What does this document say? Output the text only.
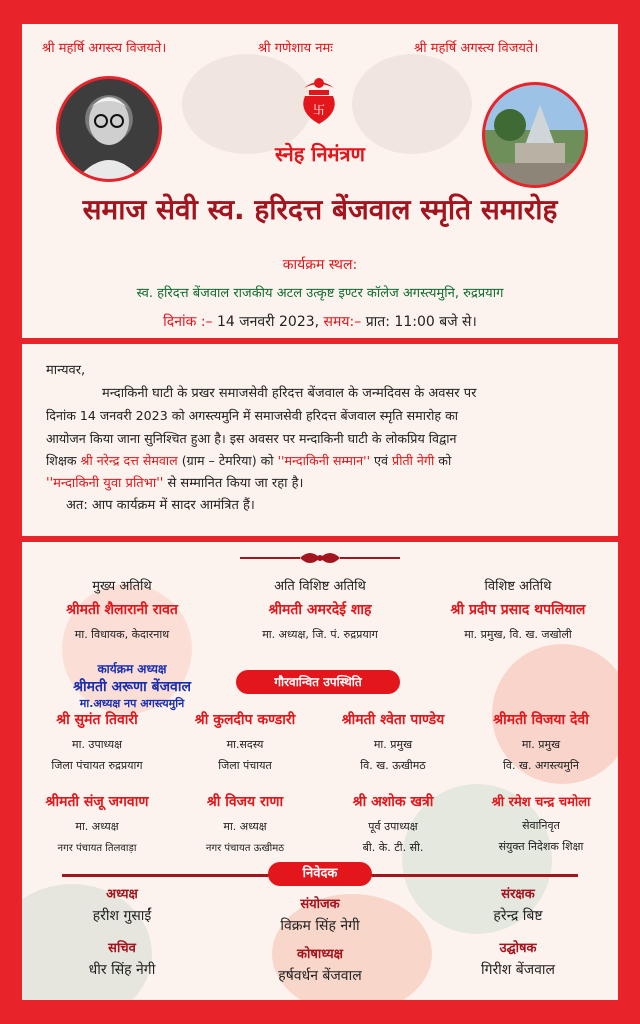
श्री महर्षि अगस्त्य विजयते।	श्री गणेशाय नमः	श्री महर्षि अगस्त्य विजयते।
卐
स्नेह निमंत्रण
समाज सेवी स्व. हरिदत्त बेंजवाल स्मृति समारोह
कार्यक्रम स्थल:
स्व. हरिदत्त बेंजवाल राजकीय अटल उत्कृष्ट इण्टर कॉलेज अगस्त्यमुनि, रुद्रप्रयाग
दिनांक :– 14 जनवरी 2023, समय:– प्रात: 11:00 बजे से।

मान्यवर,

मन्दाकिनी घाटी के प्रखर समाजसेवी हरिदत्त बेंजवाल के जन्मदिवस के अवसर पर

दिनांक 14 जनवरी 2023 को अगस्त्यमुनि में समाजसेवी हरिदत्त बेंजवाल स्मृति समारोह का

आयोजन किया जाना सुनिश्चित हुआ है। इस अवसर पर मन्दाकिनी घाटी के लोकप्रिय विद्वान

शिक्षक श्री नरेन्द्र दत्त सेमवाल (ग्राम – टेमरिया) को ''मन्दाकिनी सम्मान'' एवं प्रीती नेगी को

''मन्दाकिनी युवा प्रतिभा'' से सम्मानित किया जा रहा है।

अत: आप कार्यक्रम में सादर आमंत्रित हैं।

मुख्य अतिथि
श्रीमती शैलारानी रावत
मा. विधायक, केदारनाथ
अति विशिष्ट अतिथि
श्रीमती अमरदेई शाह
मा. अध्यक्ष, जि. पं. रुद्रप्रयाग
विशिष्ट अतिथि
श्री प्रदीप प्रसाद थपलियाल
मा. प्रमुख, वि. ख. जखोली
कार्यक्रम अध्यक्ष
श्रीमती अरूणा बेंजवाल
मा.अध्यक्ष नप अगस्त्यमुनि
गौरवान्वित उपस्थिति
श्री सुमंत तिवारी
मा. उपाध्यक्ष
जिला पंचायत रुद्रप्रयाग
श्री कुलदीप कण्डारी
मा.सदस्य
जिला पंचायत
श्रीमती श्वेता पाण्डेय
मा. प्रमुख
वि. ख. ऊखीमठ
श्रीमती विजया देवी
मा. प्रमुख
वि. ख. अगस्त्यमुनि
श्रीमती संजू जगवाण
मा. अध्यक्ष
नगर पंचायत तिलवाड़ा
श्री विजय राणा
मा. अध्यक्ष
नगर पंचायत ऊखीमठ
श्री अशोक खत्री
पूर्व उपाध्यक्ष
बी. के. टी. सी.
श्री रमेश चन्द्र चमोला
सेवानिवृत
संयुक्त निदेशक शिक्षा
निवेदक
अध्यक्ष
हरीश गुसाईं
संयोजक
विक्रम सिंह नेगी
संरक्षक
हरेन्द्र बिष्ट
सचिव
धीर सिंह नेगी
कोषाध्यक्ष
हर्षवर्धन बेंजवाल
उद्घोषक
गिरीश बेंजवाल
